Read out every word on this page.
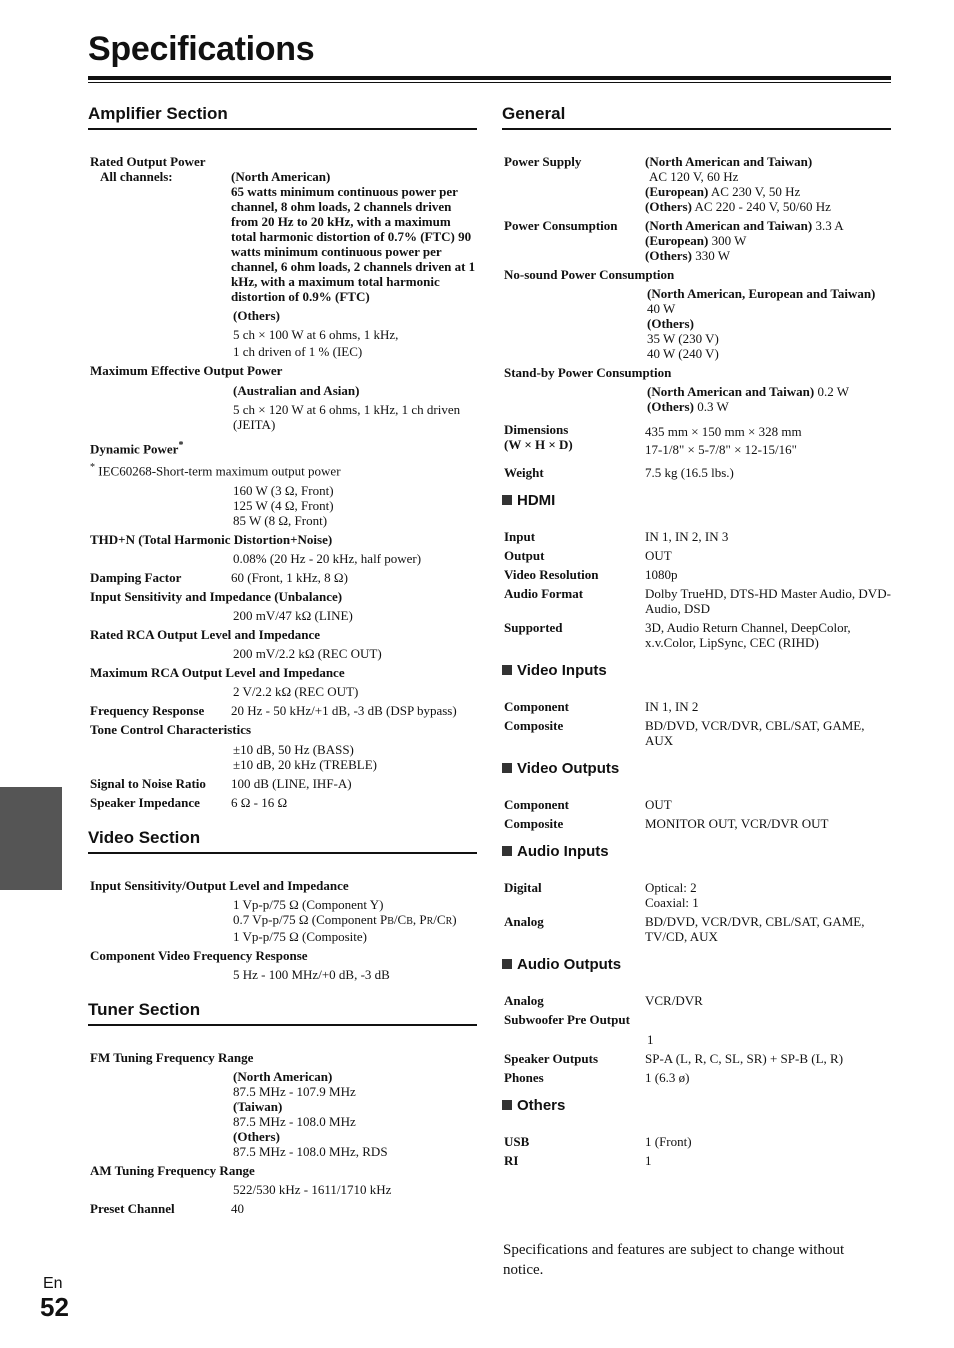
Specifications
Amplifier Section
Rated Output Power
All channels:	(North American)
65 watts minimum continuous power per channel, 8 ohm loads, 2 channels driven from 20 Hz to 20 kHz, with a maximum total harmonic distortion of 0.7% (FTC) 90 watts minimum continuous power per channel, 6 ohm loads, 2 channels driven at 1 kHz, with a maximum total harmonic distortion of 0.9% (FTC)
(Others)
5 ch × 100 W at 6 ohms, 1 kHz,
1 ch driven of 1 % (IEC)
Maximum Effective Output Power
(Australian and Asian)
5 ch × 120 W at 6 ohms, 1 kHz, 1 ch driven (JEITA)
Dynamic Power*
* IEC60268-Short-term maximum output power
160 W (3 Ω, Front)
125 W (4 Ω, Front)
85 W (8 Ω, Front)
THD+N (Total Harmonic Distortion+Noise)
0.08% (20 Hz - 20 kHz, half power)
Damping Factor	60 (Front, 1 kHz, 8 Ω)
Input Sensitivity and Impedance (Unbalance)
200 mV/47 kΩ (LINE)
Rated RCA Output Level and Impedance
200 mV/2.2 kΩ (REC OUT)
Maximum RCA Output Level and Impedance
2 V/2.2 kΩ (REC OUT)
Frequency Response	20 Hz - 50 kHz/+1 dB, -3 dB (DSP bypass)
Tone Control Characteristics
±10 dB, 50 Hz (BASS)
±10 dB, 20 kHz (TREBLE)
Signal to Noise Ratio	100 dB (LINE, IHF-A)
Speaker Impedance	6 Ω - 16 Ω
Video Section
Input Sensitivity/Output Level and Impedance
1 Vp-p/75 Ω (Component Y)
0.7 Vp-p/75 Ω (Component PB/CB, PR/CR)
1 Vp-p/75 Ω (Composite)
Component Video Frequency Response
5 Hz - 100 MHz/+0 dB, -3 dB
Tuner Section
FM Tuning Frequency Range
(North American)
87.5 MHz - 107.9 MHz
(Taiwan)
87.5 MHz - 108.0 MHz
(Others)
87.5 MHz - 108.0 MHz, RDS
AM Tuning Frequency Range
522/530 kHz - 1611/1710 kHz
Preset Channel	40
General
Power Supply	(North American and Taiwan)
AC 120 V, 60 Hz
(European) AC 230 V, 50 Hz
(Others) AC 220 - 240 V, 50/60 Hz
Power Consumption	(North American and Taiwan) 3.3 A
(European) 300 W
(Others) 330 W
No-sound Power Consumption
(North American, European and Taiwan)
40 W
(Others)
35 W (230 V)
40 W (240 V)
Stand-by Power Consumption
(North American and Taiwan) 0.2 W
(Others) 0.3 W
Dimensions
(W × H × D)
435 mm × 150 mm × 328 mm
17-1/8" × 5-7/8" × 12-15/16"
Weight	7.5 kg (16.5 lbs.)
HDMI
Input	IN 1, IN 2, IN 3
Output	OUT
Video Resolution	1080p
Audio Format	Dolby TrueHD, DTS-HD Master Audio, DVD-Audio, DSD
Supported	3D, Audio Return Channel, DeepColor, x.v.Color, LipSync, CEC (RIHD)
Video Inputs
Component	IN 1, IN 2
Composite	BD/DVD, VCR/DVR, CBL/SAT, GAME, AUX
Video Outputs
Component	OUT
Composite	MONITOR OUT, VCR/DVR OUT
Audio Inputs
Digital	Optical: 2
Coaxial: 1
Analog	BD/DVD, VCR/DVR, CBL/SAT, GAME, TV/CD, AUX
Audio Outputs
Analog	VCR/DVR
Subwoofer Pre Output
1
Speaker Outputs	SP-A (L, R, C, SL, SR) + SP-B (L, R)
Phones	1 (6.3 ø)
Others
USB	1 (Front)
RI	1
Specifications and features are subject to change without notice.
En
52
